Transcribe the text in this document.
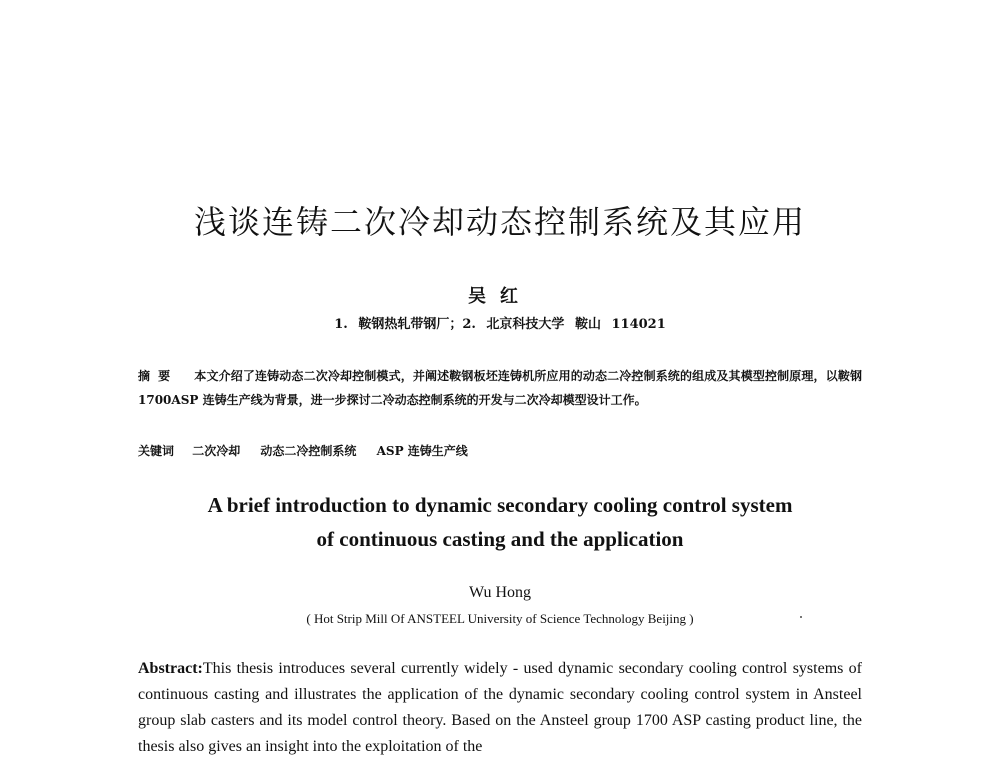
浅谈连铸二次冷却动态控制系统及其应用
吴红
1. 鞍钢热轧带钢厂；2. 北京科技大学 鞍山 114021
摘要 本文介绍了连铸动态二次冷却控制模式，并阐述鞍钢板坯连铸机所应用的动态二冷控制系统的组成及其模型控制原理，以鞍钢 1700ASP 连铸生产线为背景，进一步探讨二冷动态控制系统的开发与二次冷却模型设计工作。
关键词 二次冷却 动态二冷控制系统 ASP 连铸生产线
A brief introduction to dynamic secondary cooling control system
of continuous casting and the application
Wu Hong
( Hot Strip Mill Of ANSTEEL University of Science Technology Beijing )
Abstract:This thesis introduces several currently widely - used dynamic secondary cooling control systems of continuous casting and illustrates the application of the dynamic secondary cooling control system in Ansteel group slab casters and its model control theory. Based on the Ansteel group 1700 ASP casting product line, the thesis also gives an insight into the exploitation of the
